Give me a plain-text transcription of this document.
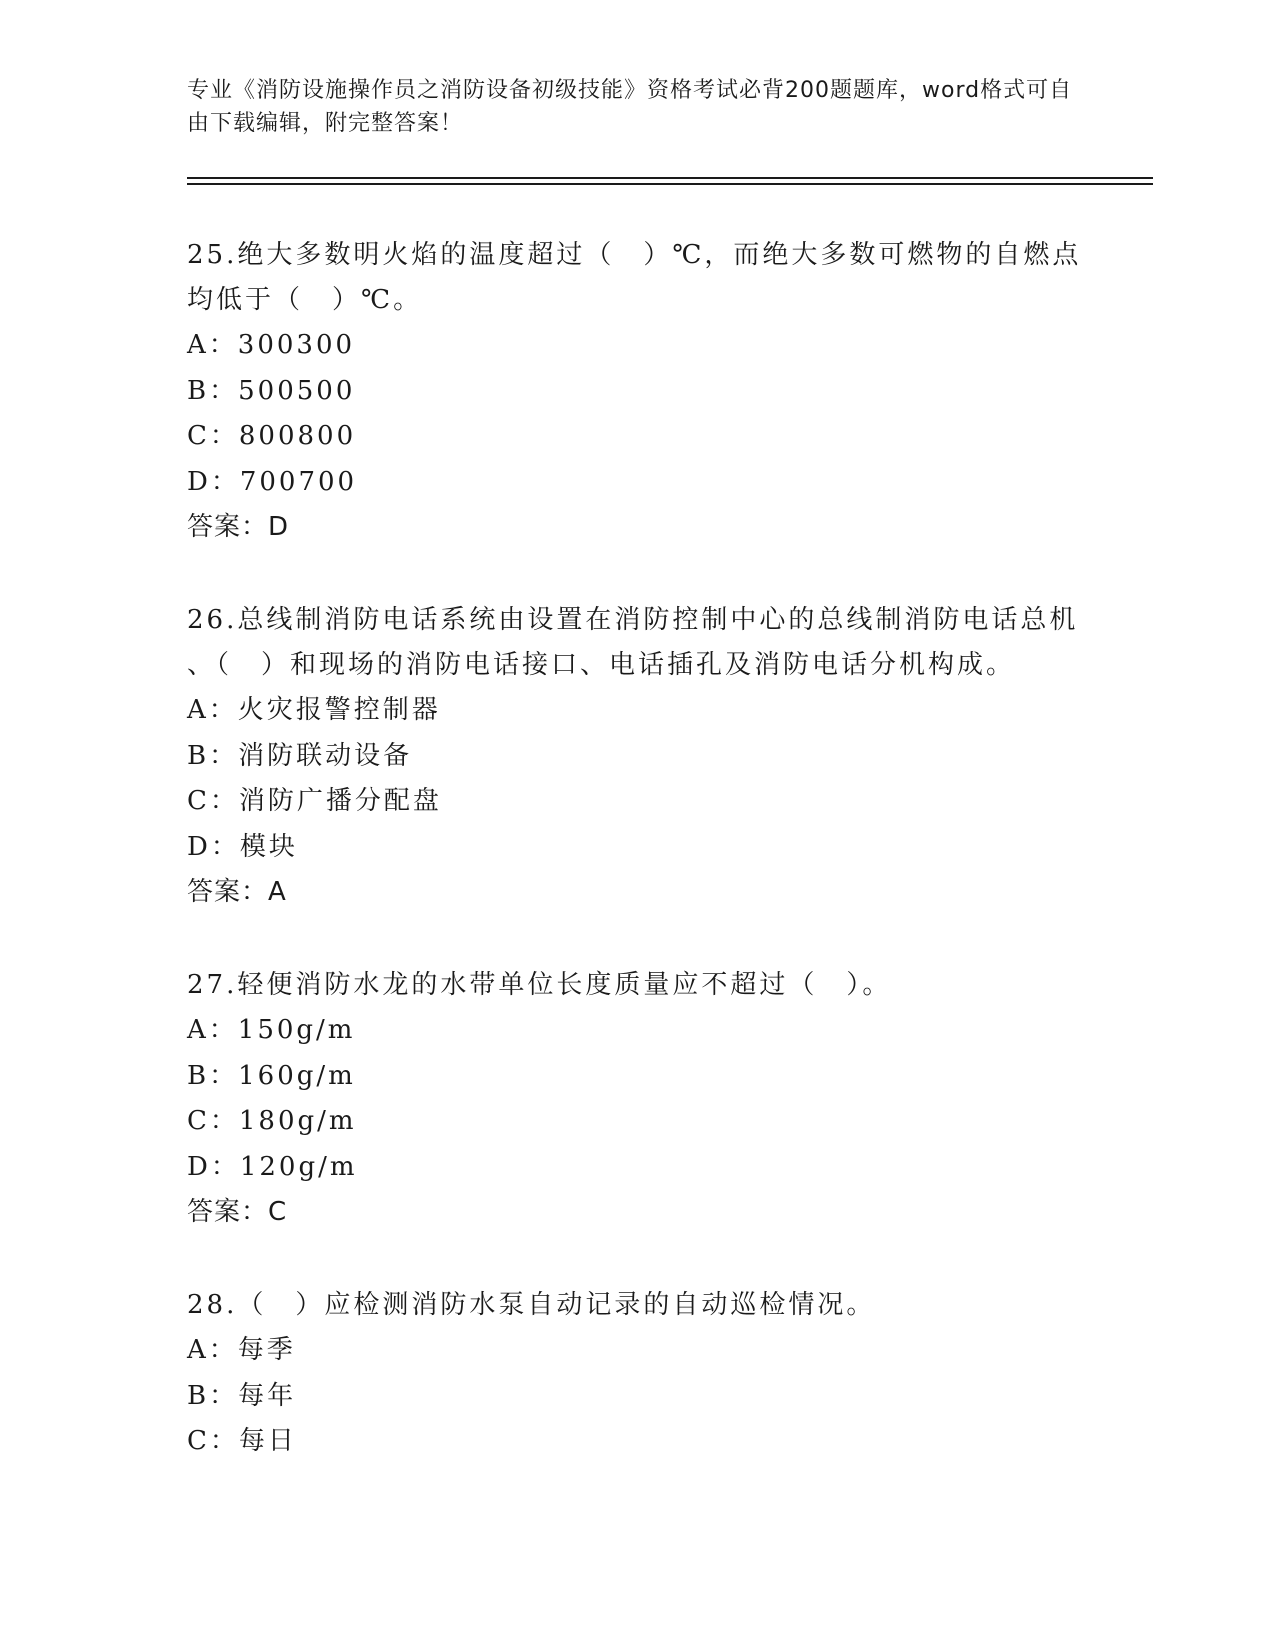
专业《消防设施操作员之消防设备初级技能》资格考试必背200题题库，word格式可自由下载编辑，附完整答案！

25.绝大多数明火焰的温度超过（　）℃，而绝大多数可燃物的自燃点

均低于（　）℃。

A：300300

B：500500

C：800800

D：700700

答案：D

26.总线制消防电话系统由设置在消防控制中心的总线制消防电话总机

、（　）和现场的消防电话接口、电话插孔及消防电话分机构成。

A：火灾报警控制器

B：消防联动设备

C：消防广播分配盘

D：模块

答案：A

27.轻便消防水龙的水带单位长度质量应不超过（　）。

A：150g/m

B：160g/m

C：180g/m

D：120g/m

答案：C

28.（　）应检测消防水泵自动记录的自动巡检情况。

A：每季

B：每年

C：每日
